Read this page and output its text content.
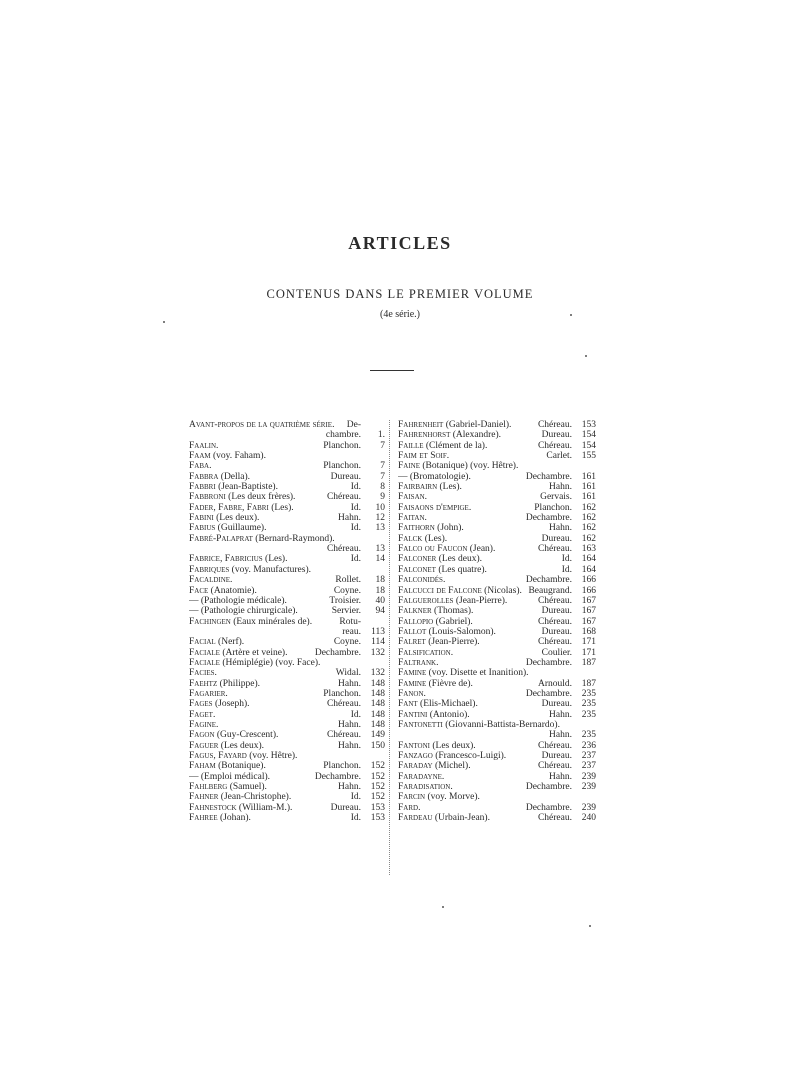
ARTICLES
CONTENUS DANS LE PREMIER VOLUME
(4e série.)
Avant-propos de la quatrième série.	De-
chambre.	1.
Faalin.	Planchon.	7
Faam (voy. Faham).
Faba.	Planchon.	7
Fabbra (Della).	Dureau.	7
Fabbri (Jean-Baptiste).	Id.	8
Fabbroni (Les deux frères).	Chéreau.	9
Fader, Fabre, Fabri (Les).	Id.	10
Fabini (Les deux).	Hahn.	12
Fabius (Guillaume).	Id.	13
Fabré-Palaprat (Bernard-Raymond).
Chéreau.	13
Fabrice, Fabricius (Les).	Id.	14
Fabriques (voy. Manufactures).
Facaldine.	Rollet.	18
Face (Anatomie).	Coyne.	18
— (Pathologie médicale).	Troisier.	40
— (Pathologie chirurgicale).	Servier.	94
Fachingen (Eaux minérales de).	Rotu-
reau.	113
Facial (Nerf).	Coyne.	114
Faciale (Artère et veine).	Dechambre.	132
Faciale (Hémiplégie) (voy. Face).
Facies.	Widal.	132
Faehtz (Philippe).	Hahn.	148
Fagarier.	Planchon.	148
Fages (Joseph).	Chéreau.	148
Faget.	Id.	148
Fagine.	Hahn.	148
Fagon (Guy-Crescent).	Chéreau.	149
Faguer (Les deux).	Hahn.	150
Fagus, Fayard (voy. Hêtre).
Faham (Botanique).	Planchon.	152
— (Emploi médical).	Dechambre.	152
Fahlberg (Samuel).	Hahn.	152
Fahner (Jean-Christophe).	Id.	152
Fahnestock (William-M.).	Dureau.	153
Fahree (Johan).	Id.	153
Fahrenheit (Gabriel-Daniel).	Chéreau.	153
Fahrenhorst (Alexandre).	Dureau.	154
Faille (Clément de la).	Chéreau.	154
Faim et Soif.	Carlet.	155
Faine (Botanique) (voy. Hêtre).
— (Bromatologie).	Dechambre.	161
Fairbairn (Les).	Hahn.	161
Faisan.	Gervais.	161
Faisaons d'empige.	Planchon.	162
Faitan.	Dechambre.	162
Faithorn (John).	Hahn.	162
Falck (Les).	Dureau.	162
Falco ou Faucon (Jean).	Chéreau.	163
Falconer (Les deux).	Id.	164
Falconet (Les quatre).	Id.	164
Falconidés.	Dechambre.	166
Falcucci de Falcone (Nicolas). Beaugrand.	166
Falguerolles (Jean-Pierre).	Chéreau.	167
Falkner (Thomas).	Dureau.	167
Fallopio (Gabriel).	Chéreau.	167
Fallot (Louis-Salomon).	Dureau.	168
Falret (Jean-Pierre).	Chéreau.	171
Falsification.	Coulier.	171
Faltrank.	Dechambre.	187
Famine (voy. Disette et Inanition).
Famine (Fièvre de).	Arnould.	187
Fanon.	Dechambre.	235
Fant (Elis-Michael).	Dureau.	235
Fantini (Antonio).	Hahn.	235
Fantonetti (Giovanni-Battista-Bernardo).
Hahn.	235
Fantoni (Les deux).	Chéreau.	236
Fanzago (Francesco-Luigi).	Dureau.	237
Faraday (Michel).	Chéreau.	237
Faradayne.	Hahn.	239
Faradisation.	Dechambre.	239
Farcin (voy. Morve).
Fard.	Dechambre.	239
Fardeau (Urbain-Jean).	Chéreau.	240
